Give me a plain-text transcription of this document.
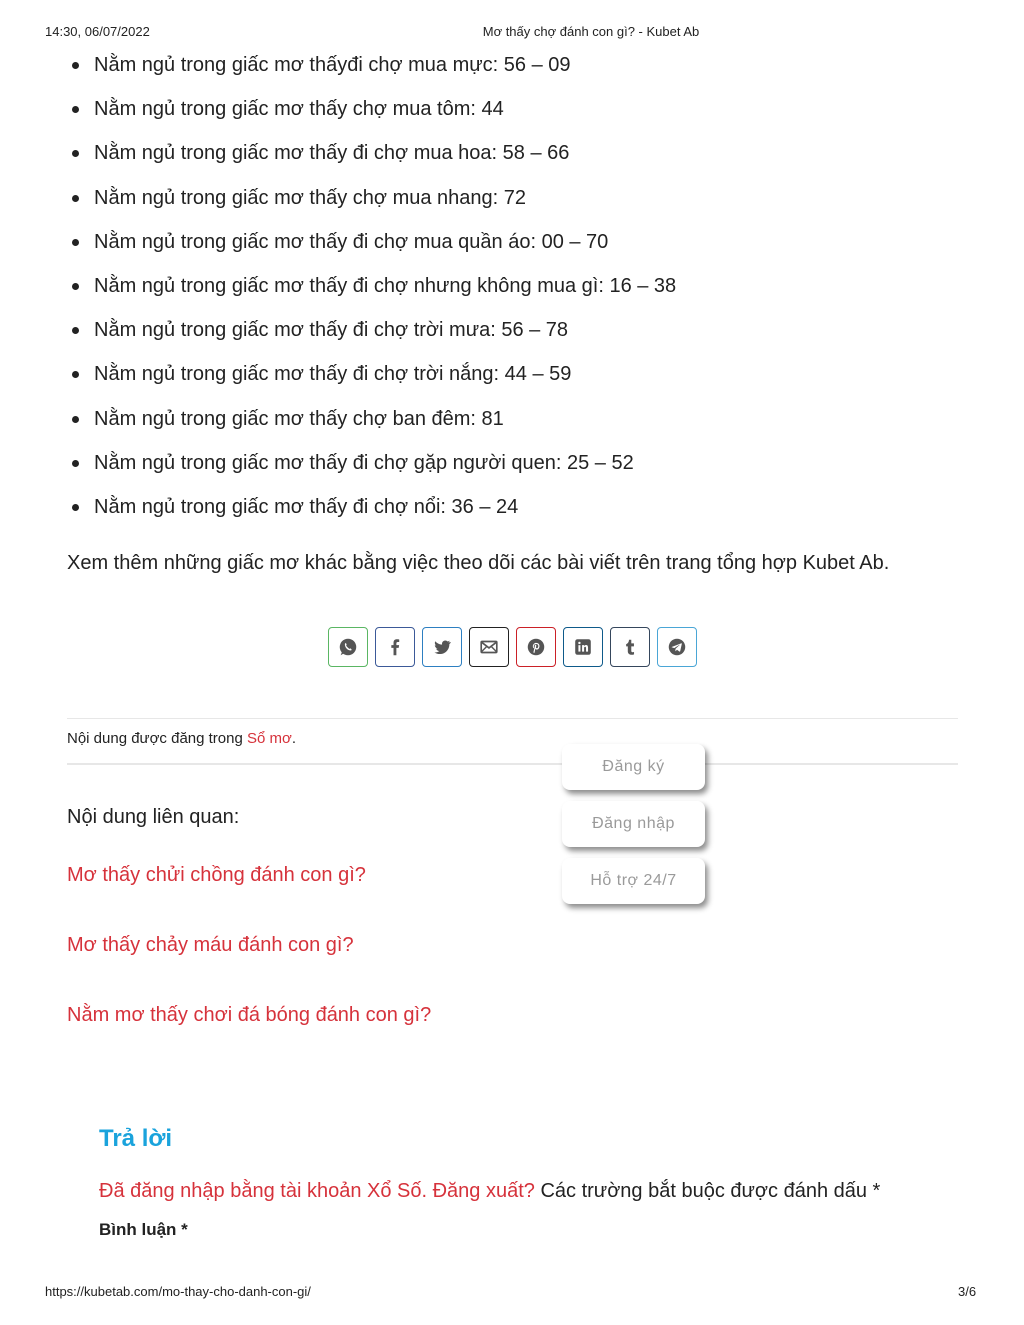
14:30, 06/07/2022	Mơ thấy chợ đánh con gì? - Kubet Ab
Nằm ngủ trong giấc mơ thấyđi chợ mua mực: 56 – 09
Nằm ngủ trong giấc mơ thấy chợ mua tôm: 44
Nằm ngủ trong giấc mơ thấy đi chợ mua hoa: 58 – 66
Nằm ngủ trong giấc mơ thấy chợ mua nhang: 72
Nằm ngủ trong giấc mơ thấy đi chợ mua quần áo: 00 – 70
Nằm ngủ trong giấc mơ thấy đi chợ nhưng không mua gì: 16 – 38
Nằm ngủ trong giấc mơ thấy đi chợ trời mưa: 56 – 78
Nằm ngủ trong giấc mơ thấy đi chợ trời nắng: 44 – 59
Nằm ngủ trong giấc mơ thấy chợ ban đêm: 81
Nằm ngủ trong giấc mơ thấy đi chợ gặp người quen: 25 – 52
Nằm ngủ trong giấc mơ thấy đi chợ nổi: 36 – 24
Xem thêm những giấc mơ khác bằng việc theo dõi các bài viết trên trang tổng hợp Kubet Ab.
Nội dung được đăng trong Sổ mơ.
Nội dung liên quan:
Mơ thấy chửi chồng đánh con gì?
Mơ thấy chảy máu đánh con gì?
Nằm mơ thấy chơi đá bóng đánh con gì?
Đăng ký
Đăng nhập
Hỗ trợ 24/7
Trả lời
Đã đăng nhập bằng tài khoản Xổ Số. Đăng xuất? Các trường bắt buộc được đánh dấu *
Bình luận *
https://kubetab.com/mo-thay-cho-danh-con-gi/	3/6
